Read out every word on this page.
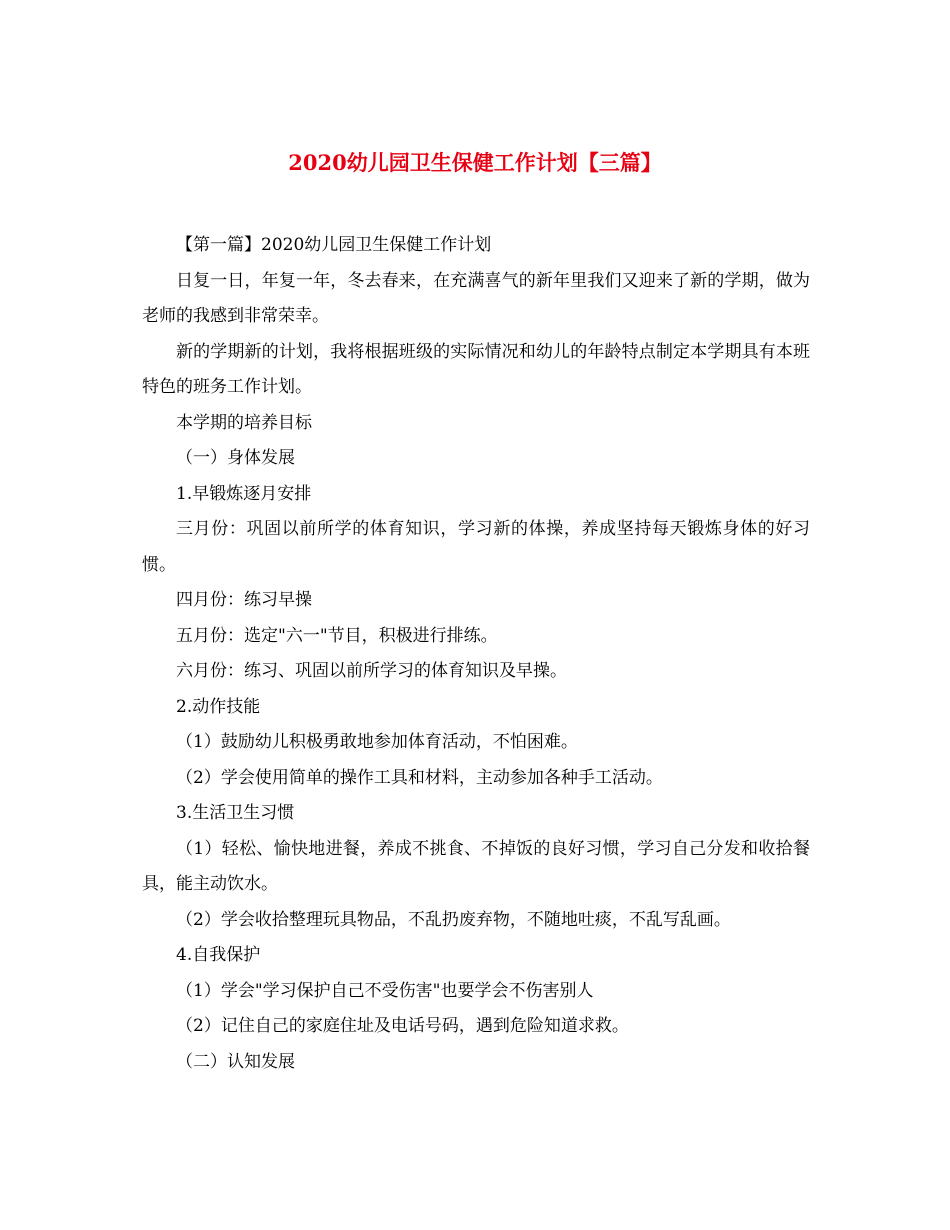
2020幼儿园卫生保健工作计划【三篇】

【第一篇】2020幼儿园卫生保健工作计划

日复一日，年复一年，冬去春来，在充满喜气的新年里我们又迎来了新的学期，做为老师的我感到非常荣幸。

新的学期新的计划，我将根据班级的实际情况和幼儿的年龄特点制定本学期具有本班特色的班务工作计划。

本学期的培养目标

（一）身体发展

1.早锻炼逐月安排

三月份：巩固以前所学的体育知识，学习新的体操，养成坚持每天锻炼身体的好习惯。

四月份：练习早操

五月份：选定"六一"节目，积极进行排练。

六月份：练习、巩固以前所学习的体育知识及早操。

2.动作技能

（1）鼓励幼儿积极勇敢地参加体育活动，不怕困难。

（2）学会使用简单的操作工具和材料，主动参加各种手工活动。

3.生活卫生习惯

（1）轻松、愉快地进餐，养成不挑食、不掉饭的良好习惯，学习自己分发和收拾餐具，能主动饮水。

（2）学会收拾整理玩具物品，不乱扔废弃物，不随地吐痰，不乱写乱画。

4.自我保护

（1）学会"学习保护自己不受伤害"也要学会不伤害别人

（2）记住自己的家庭住址及电话号码，遇到危险知道求救。

（二）认知发展
